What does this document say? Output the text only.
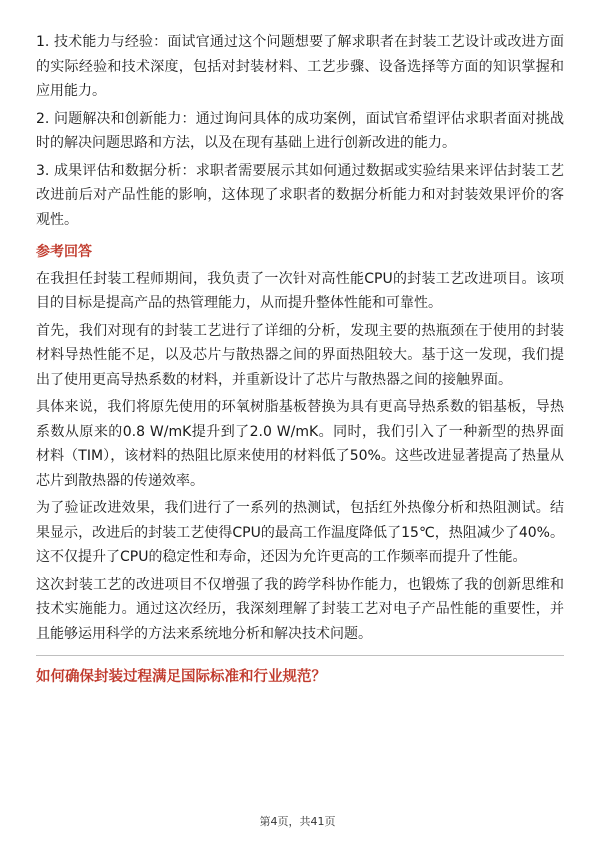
1. 技术能力与经验：面试官通过这个问题想要了解求职者在封装工艺设计或改进方面的实际经验和技术深度，包括对封装材料、工艺步骤、设备选择等方面的知识掌握和应用能力。

2. 问题解决和创新能力：通过询问具体的成功案例，面试官希望评估求职者面对挑战时的解决问题思路和方法，以及在现有基础上进行创新改进的能力。

3. 成果评估和数据分析：求职者需要展示其如何通过数据或实验结果来评估封装工艺改进前后对产品性能的影响，这体现了求职者的数据分析能力和对封装效果评价的客观性。

参考回答

在我担任封装工程师期间，我负责了一次针对高性能CPU的封装工艺改进项目。该项目的目标是提高产品的热管理能力，从而提升整体性能和可靠性。

首先，我们对现有的封装工艺进行了详细的分析，发现主要的热瓶颈在于使用的封装材料导热性能不足，以及芯片与散热器之间的界面热阻较大。基于这一发现，我们提出了使用更高导热系数的材料，并重新设计了芯片与散热器之间的接触界面。

具体来说，我们将原先使用的环氧树脂基板替换为具有更高导热系数的铝基板，导热系数从原来的0.8 W/mK提升到了2.0 W/mK。同时，我们引入了一种新型的热界面材料（TIM），该材料的热阻比原来使用的材料低了50%。这些改进显著提高了热量从芯片到散热器的传递效率。

为了验证改进效果，我们进行了一系列的热测试，包括红外热像分析和热阻测试。结果显示，改进后的封装工艺使得CPU的最高工作温度降低了15℃，热阻减少了40%。这不仅提升了CPU的稳定性和寿命，还因为允许更高的工作频率而提升了性能。

这次封装工艺的改进项目不仅增强了我的跨学科协作能力，也锻炼了我的创新思维和技术实施能力。通过这次经历，我深刻理解了封装工艺对电子产品性能的重要性，并且能够运用科学的方法来系统地分析和解决技术问题。

如何确保封装过程满足国际标准和行业规范？
第4页，共41页
